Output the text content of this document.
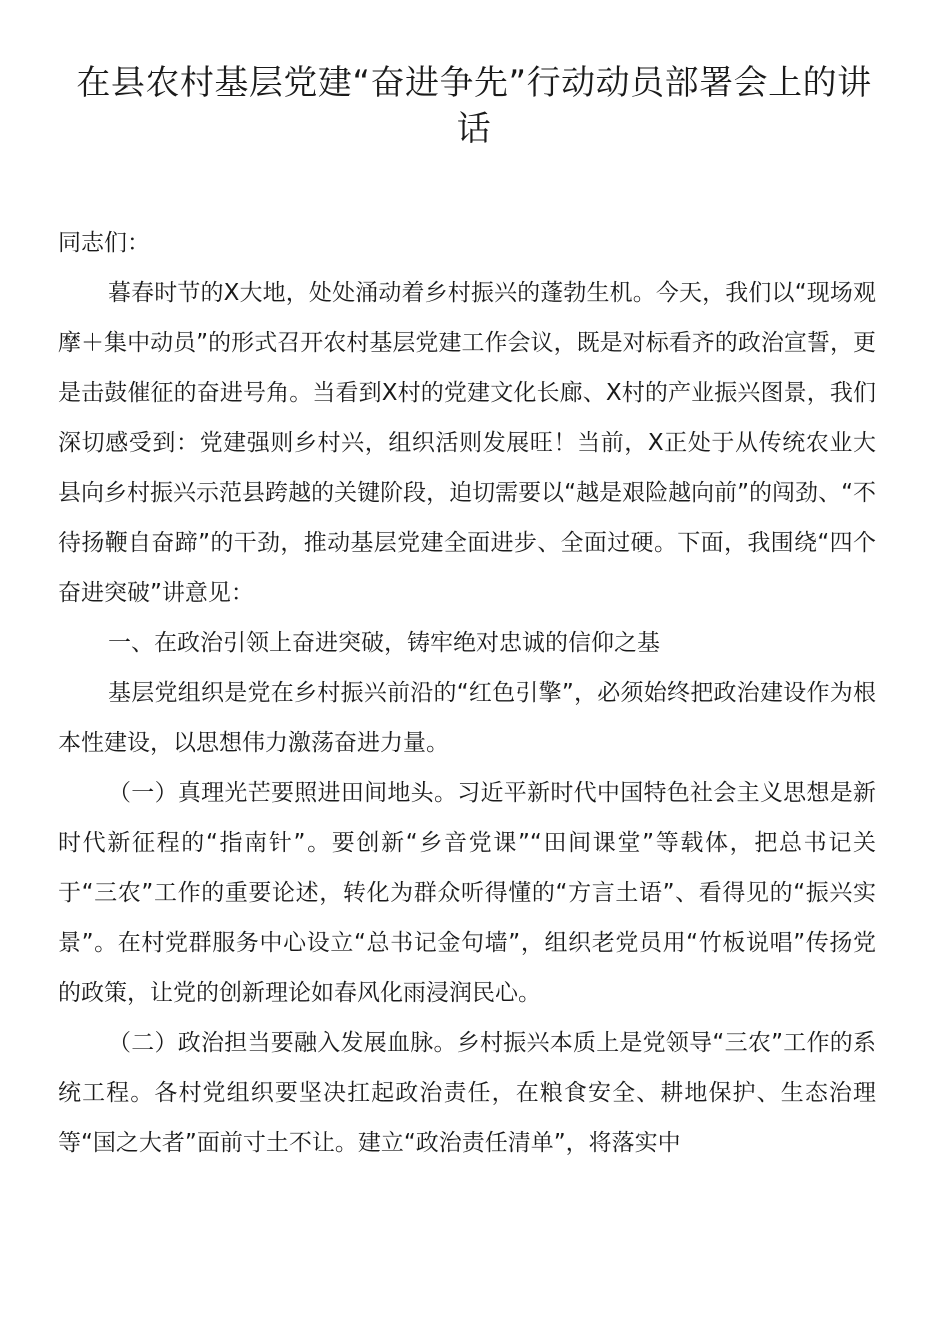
在县农村基层党建“奋进争先”行动动员部署会上的讲话

同志们：

暮春时节的X大地，处处涌动着乡村振兴的蓬勃生机。今天，我们以“现场观摩＋集中动员”的形式召开农村基层党建工作会议，既是对标看齐的政治宣誓，更是击鼓催征的奋进号角。当看到X村的党建文化长廊、X村的产业振兴图景，我们深切感受到：党建强则乡村兴，组织活则发展旺！当前，X正处于从传统农业大县向乡村振兴示范县跨越的关键阶段，迫切需要以“越是艰险越向前”的闯劲、“不待扬鞭自奋蹄”的干劲，推动基层党建全面进步、全面过硬。下面，我围绕“四个奋进突破”讲意见：

一、在政治引领上奋进突破，铸牢绝对忠诚的信仰之基

基层党组织是党在乡村振兴前沿的“红色引擎”，必须始终把政治建设作为根本性建设，以思想伟力激荡奋进力量。

（一）真理光芒要照进田间地头。习近平新时代中国特色社会主义思想是新时代新征程的“指南针”。要创新“乡音党课”“田间课堂”等载体，把总书记关于“三农”工作的重要论述，转化为群众听得懂的“方言土语”、看得见的“振兴实景”。在村党群服务中心设立“总书记金句墙”，组织老党员用“竹板说唱”传扬党的政策，让党的创新理论如春风化雨浸润民心。

（二）政治担当要融入发展血脉。乡村振兴本质上是党领导“三农”工作的系统工程。各村党组织要坚决扛起政治责任，在粮食安全、耕地保护、生态治理等“国之大者”面前寸土不让。建立“政治责任清单”，将落实中
